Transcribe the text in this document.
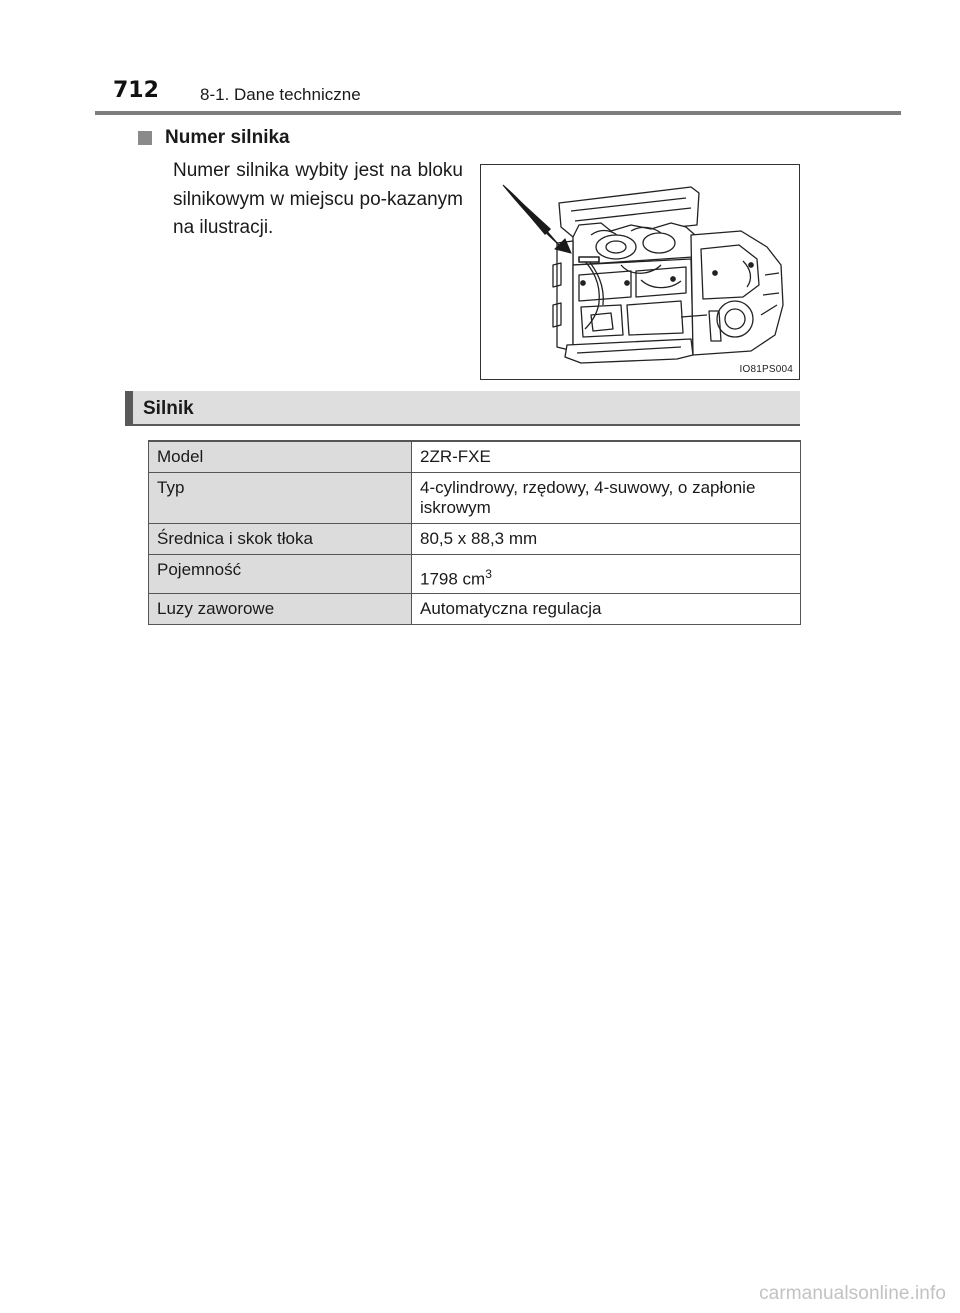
712 8-1. Dane techniczne
Numer silnika
Numer silnika wybity jest na bloku silnikowym w miejscu po-kazanym na ilustracji.
IO81PS004
Silnik
Model	2ZR-FXE
Typ	4-cylindrowy, rzędowy, 4-suwowy, o zapłonie iskrowym
Średnica i skok tłoka	80,5 x 88,3 mm
Pojemność	1798 $cm^3$
Luzy zaworowe	Automatyczna regulacja
carmanualsonline.info
